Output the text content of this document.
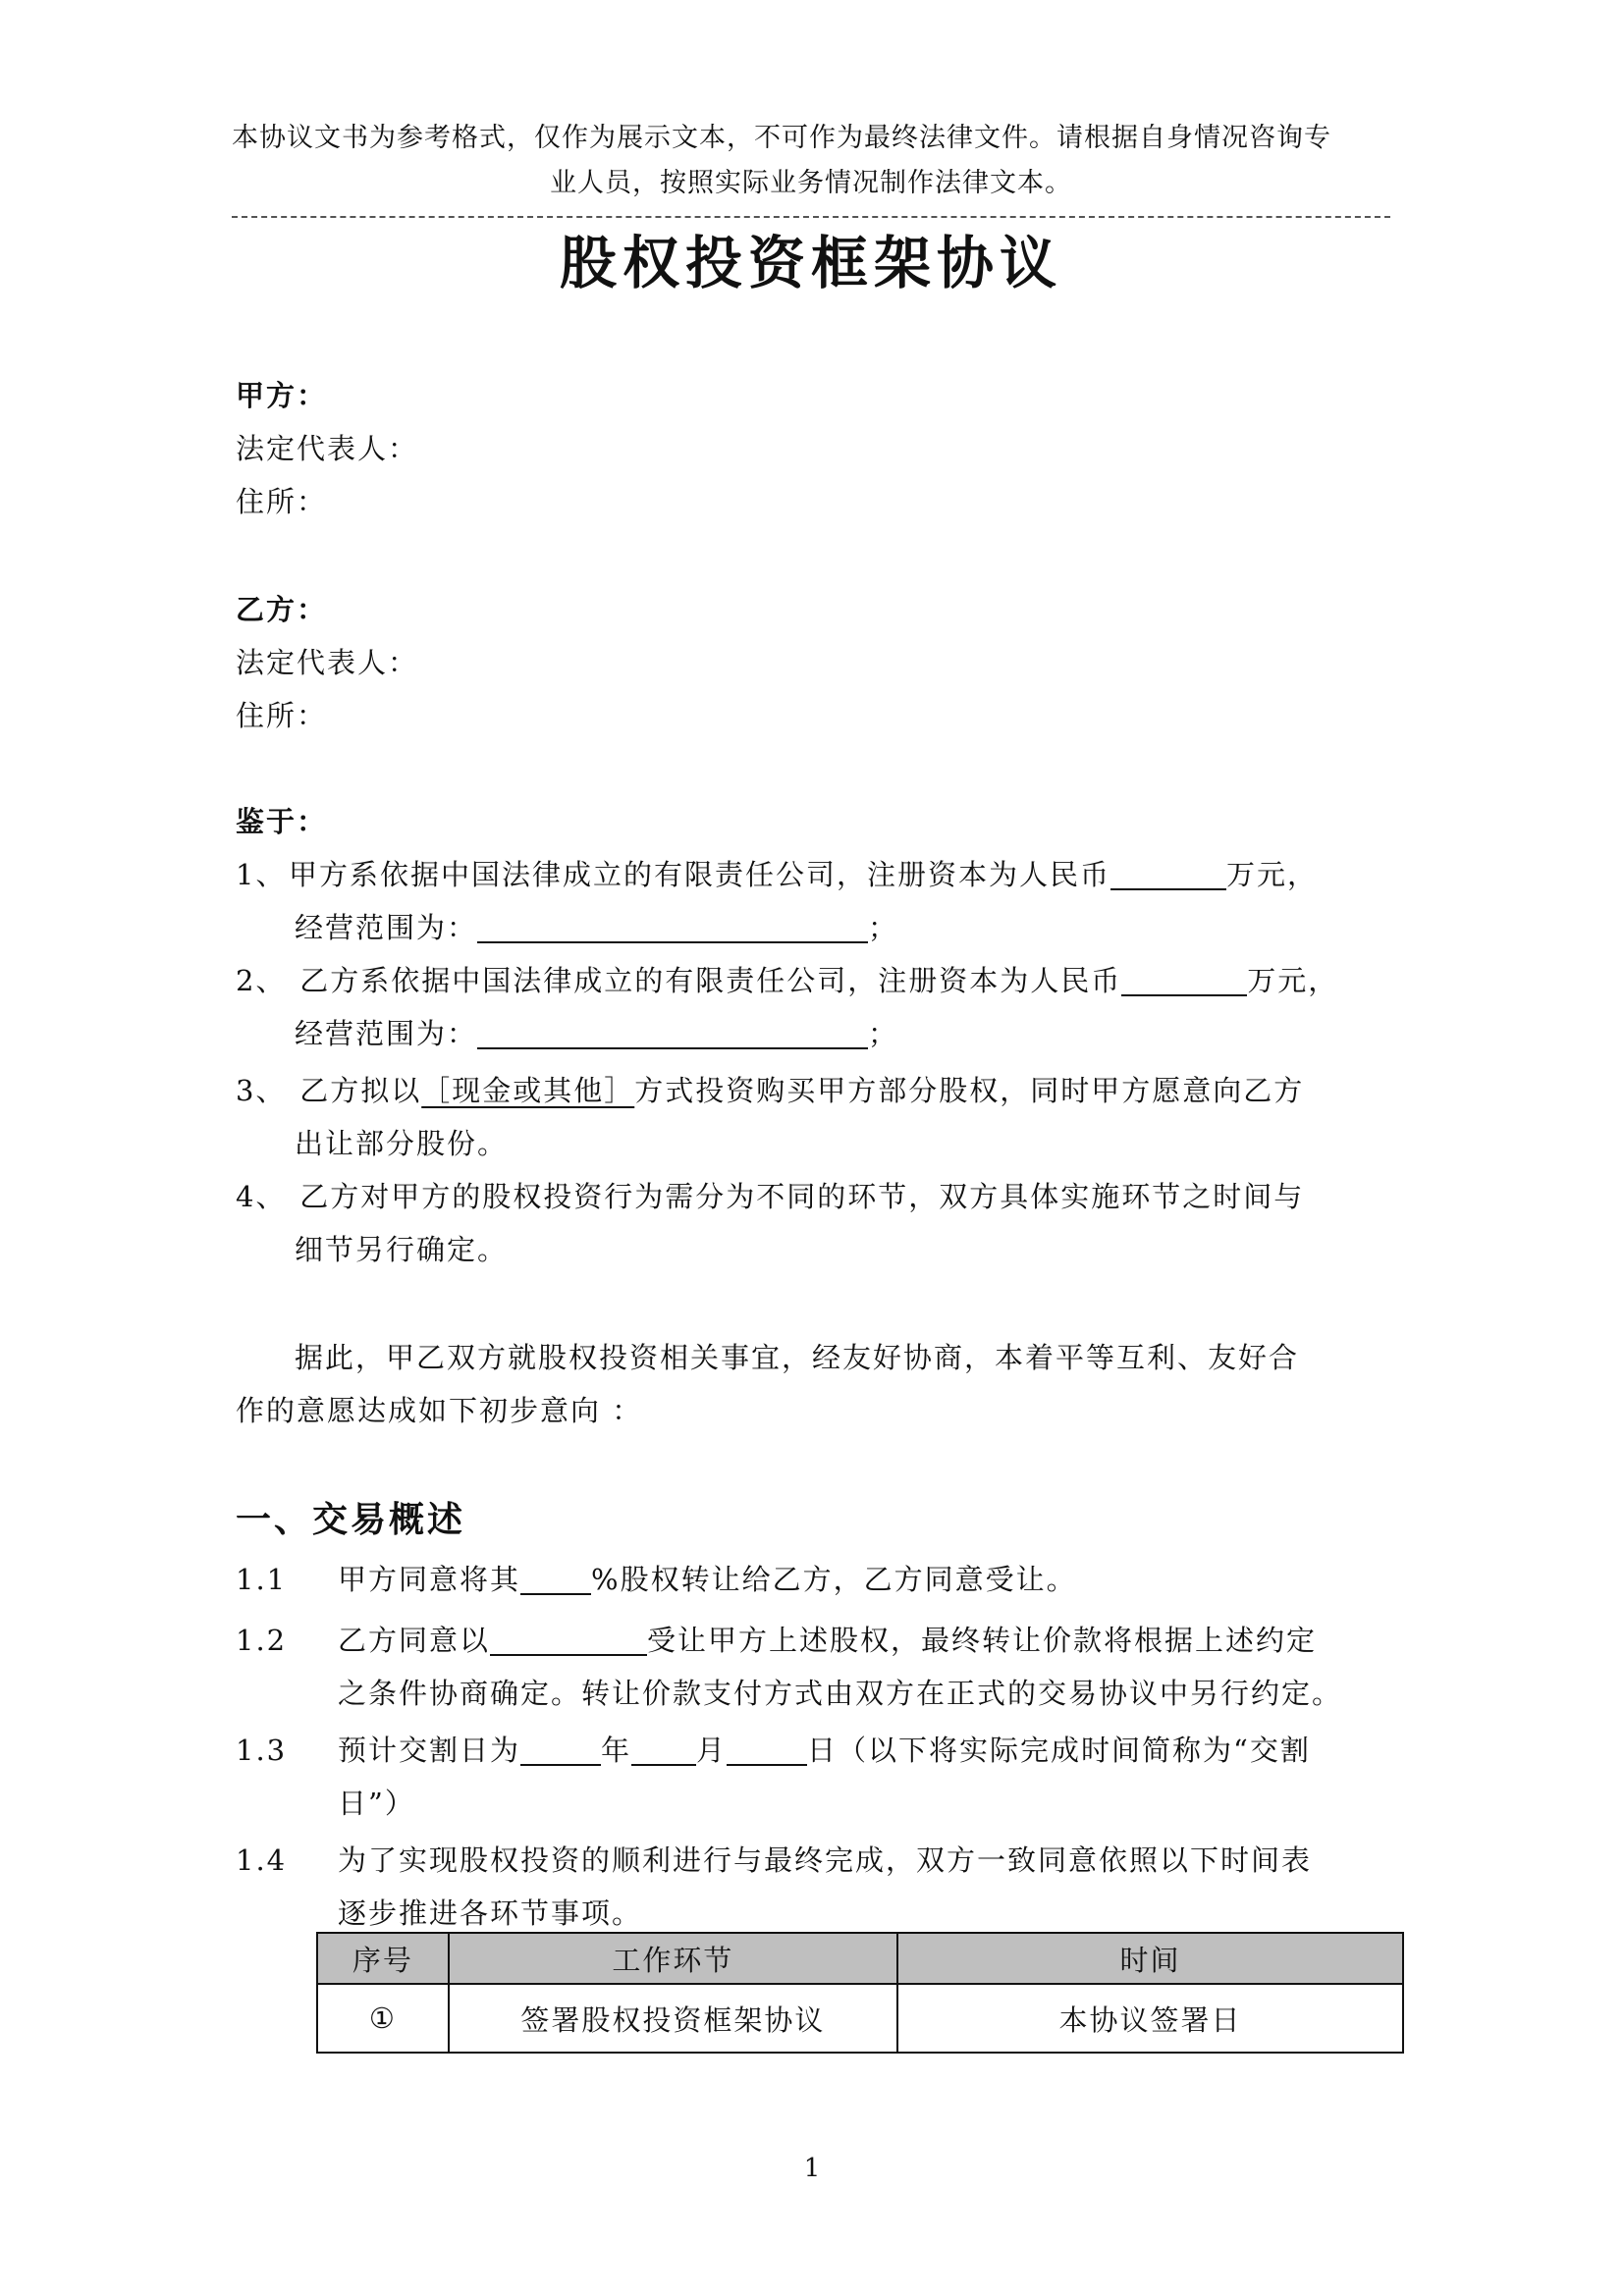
本协议文书为参考格式，仅作为展示文本，不可作为最终法律文件。请根据自身情况咨询专
业人员，按照实际业务情况制作法律文本。
股权投资框架协议

甲方：

法定代表人：

住所：

乙方：

法定代表人：

住所：

鉴于：
1、甲方系依据中国法律成立的有限责任公司，注册资本为人民币	万元，
经营范围为：	；
2、 乙方系依据中国法律成立的有限责任公司，注册资本为人民币	万元，
经营范围为：	；
3、 乙方拟以［现金或其他］方式投资购买甲方部分股权，同时甲方愿意向乙方
出让部分股份。
4、 乙方对甲方的股权投资行为需分为不同的环节，双方具体实施环节之时间与
细节另行确定。
据此，甲乙双方就股权投资相关事宜，经友好协商，本着平等互利、友好合
作的意愿达成如下初步意向 ：
一、交易概述
1.1 甲方同意将其 %股权转让给乙方，乙方同意受让。
1.2 乙方同意以	受让甲方上述股权，最终转让价款将根据上述约定
之条件协商确定。转让价款支付方式由双方在正式的交易协议中另行约定。
1.3 预计交割日为	年 月	日（以下将实际完成时间简称为“交割
日”）
1.4 为了实现股权投资的顺利进行与最终完成，双方一致同意依照以下时间表
逐步推进各环节事项。
序号	工作环节	时间
①	签署股权投资框架协议	本协议签署日
1
